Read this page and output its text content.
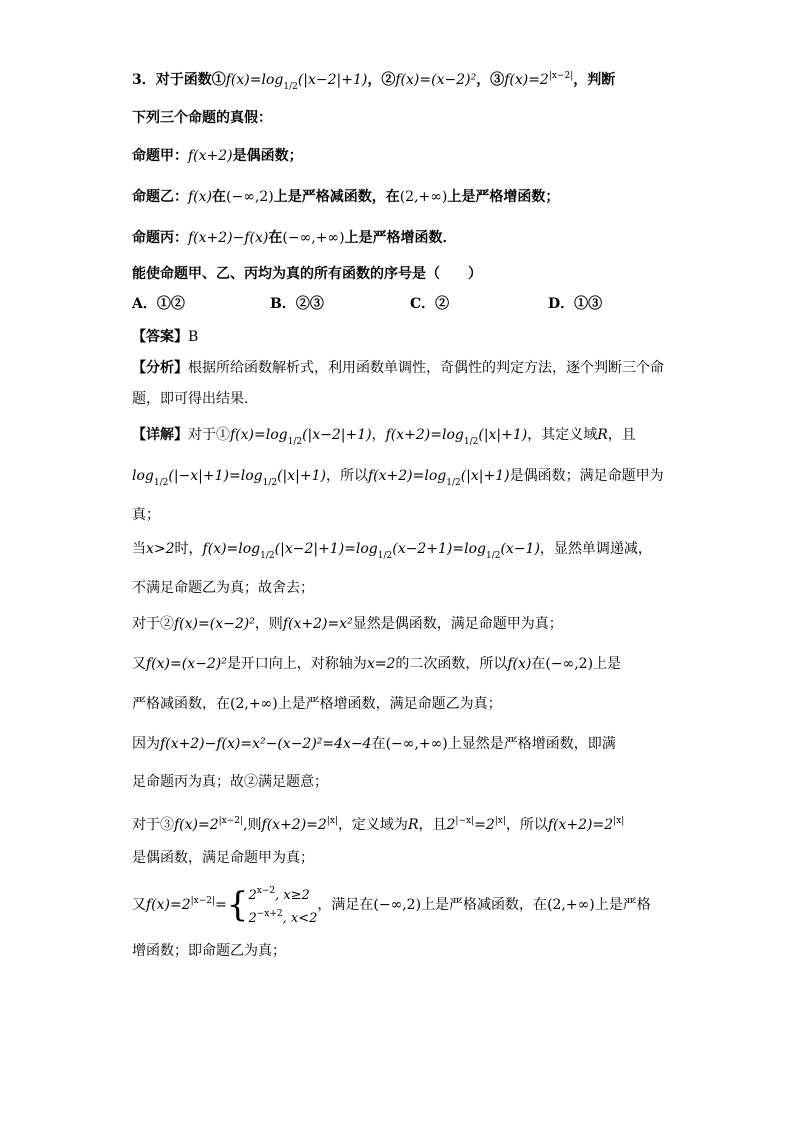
3．对于函数$①f(x)=\log_{1/2}(|x-2|+1)$，②f(x)=(x−2)²，$③f(x)=2^{|x-2|}$，判断
下列三个命题的真假：
命题甲：f(x+2)是偶函数；
命题乙：f(x)在(−∞,2)上是严格减函数，在(2,+∞)上是严格增函数；
命题丙：f(x+2)−f(x)在(−∞,+∞)上是严格增函数．
能使命题甲、乙、丙均为真的所有函数的序号是（　　）
A．①②	B．②③	C．②	D．①③
【答案】B
【分析】根据所给函数解析式，利用函数单调性，奇偶性的判定方法，逐个判断三个命
题，即可得出结果.
【详解】对于$①f(x)=\log_{1/2}(|x-2|+1)$，$f(x+2)=\log_{1/2}(|x|+1)$，其定义域R，且
$\log_{1/2}(|-x|+1)=\log_{1/2}(|x|+1)$，所以$f(x+2)=\log_{1/2}(|x|+1)$是偶函数；满足命题甲为
真；
当x>2时，$f(x)=\log_{1/2}(|x-2|+1)=\log_{1/2}(x-2+1)=\log_{1/2}(x-1)$，显然单调递减，
不满足命题乙为真；故舍去；
对于②f(x)=(x−2)²，则f(x+2)=x²显然是偶函数，满足命题甲为真；
又f(x)=(x−2)²是开口向上，对称轴为x=2的二次函数，所以f(x)在(−∞,2)上是
严格减函数，在(2,+∞)上是严格增函数，满足命题乙为真；
因为f(x+2)−f(x)=x²−(x−2)²=4x−4在(−∞,+∞)上显然是严格增函数，即满
足命题丙为真；故②满足题意；
对于$③f(x)=2^{|x-2|}$,则$f(x+2)=2^{|x|}$，定义域为R，且$2^{|-x|}=2^{|x|}$，所以$f(x+2)=2^{|x|}$
是偶函数，满足命题甲为真；
又$f(x)=2^{|x-2|}=${ $2^{x-2}$, x≥2
$2^{-x+2}$, x<2
，满足在(−∞,2)上是严格减函数，在(2,+∞)上是严格
增函数；即命题乙为真；
